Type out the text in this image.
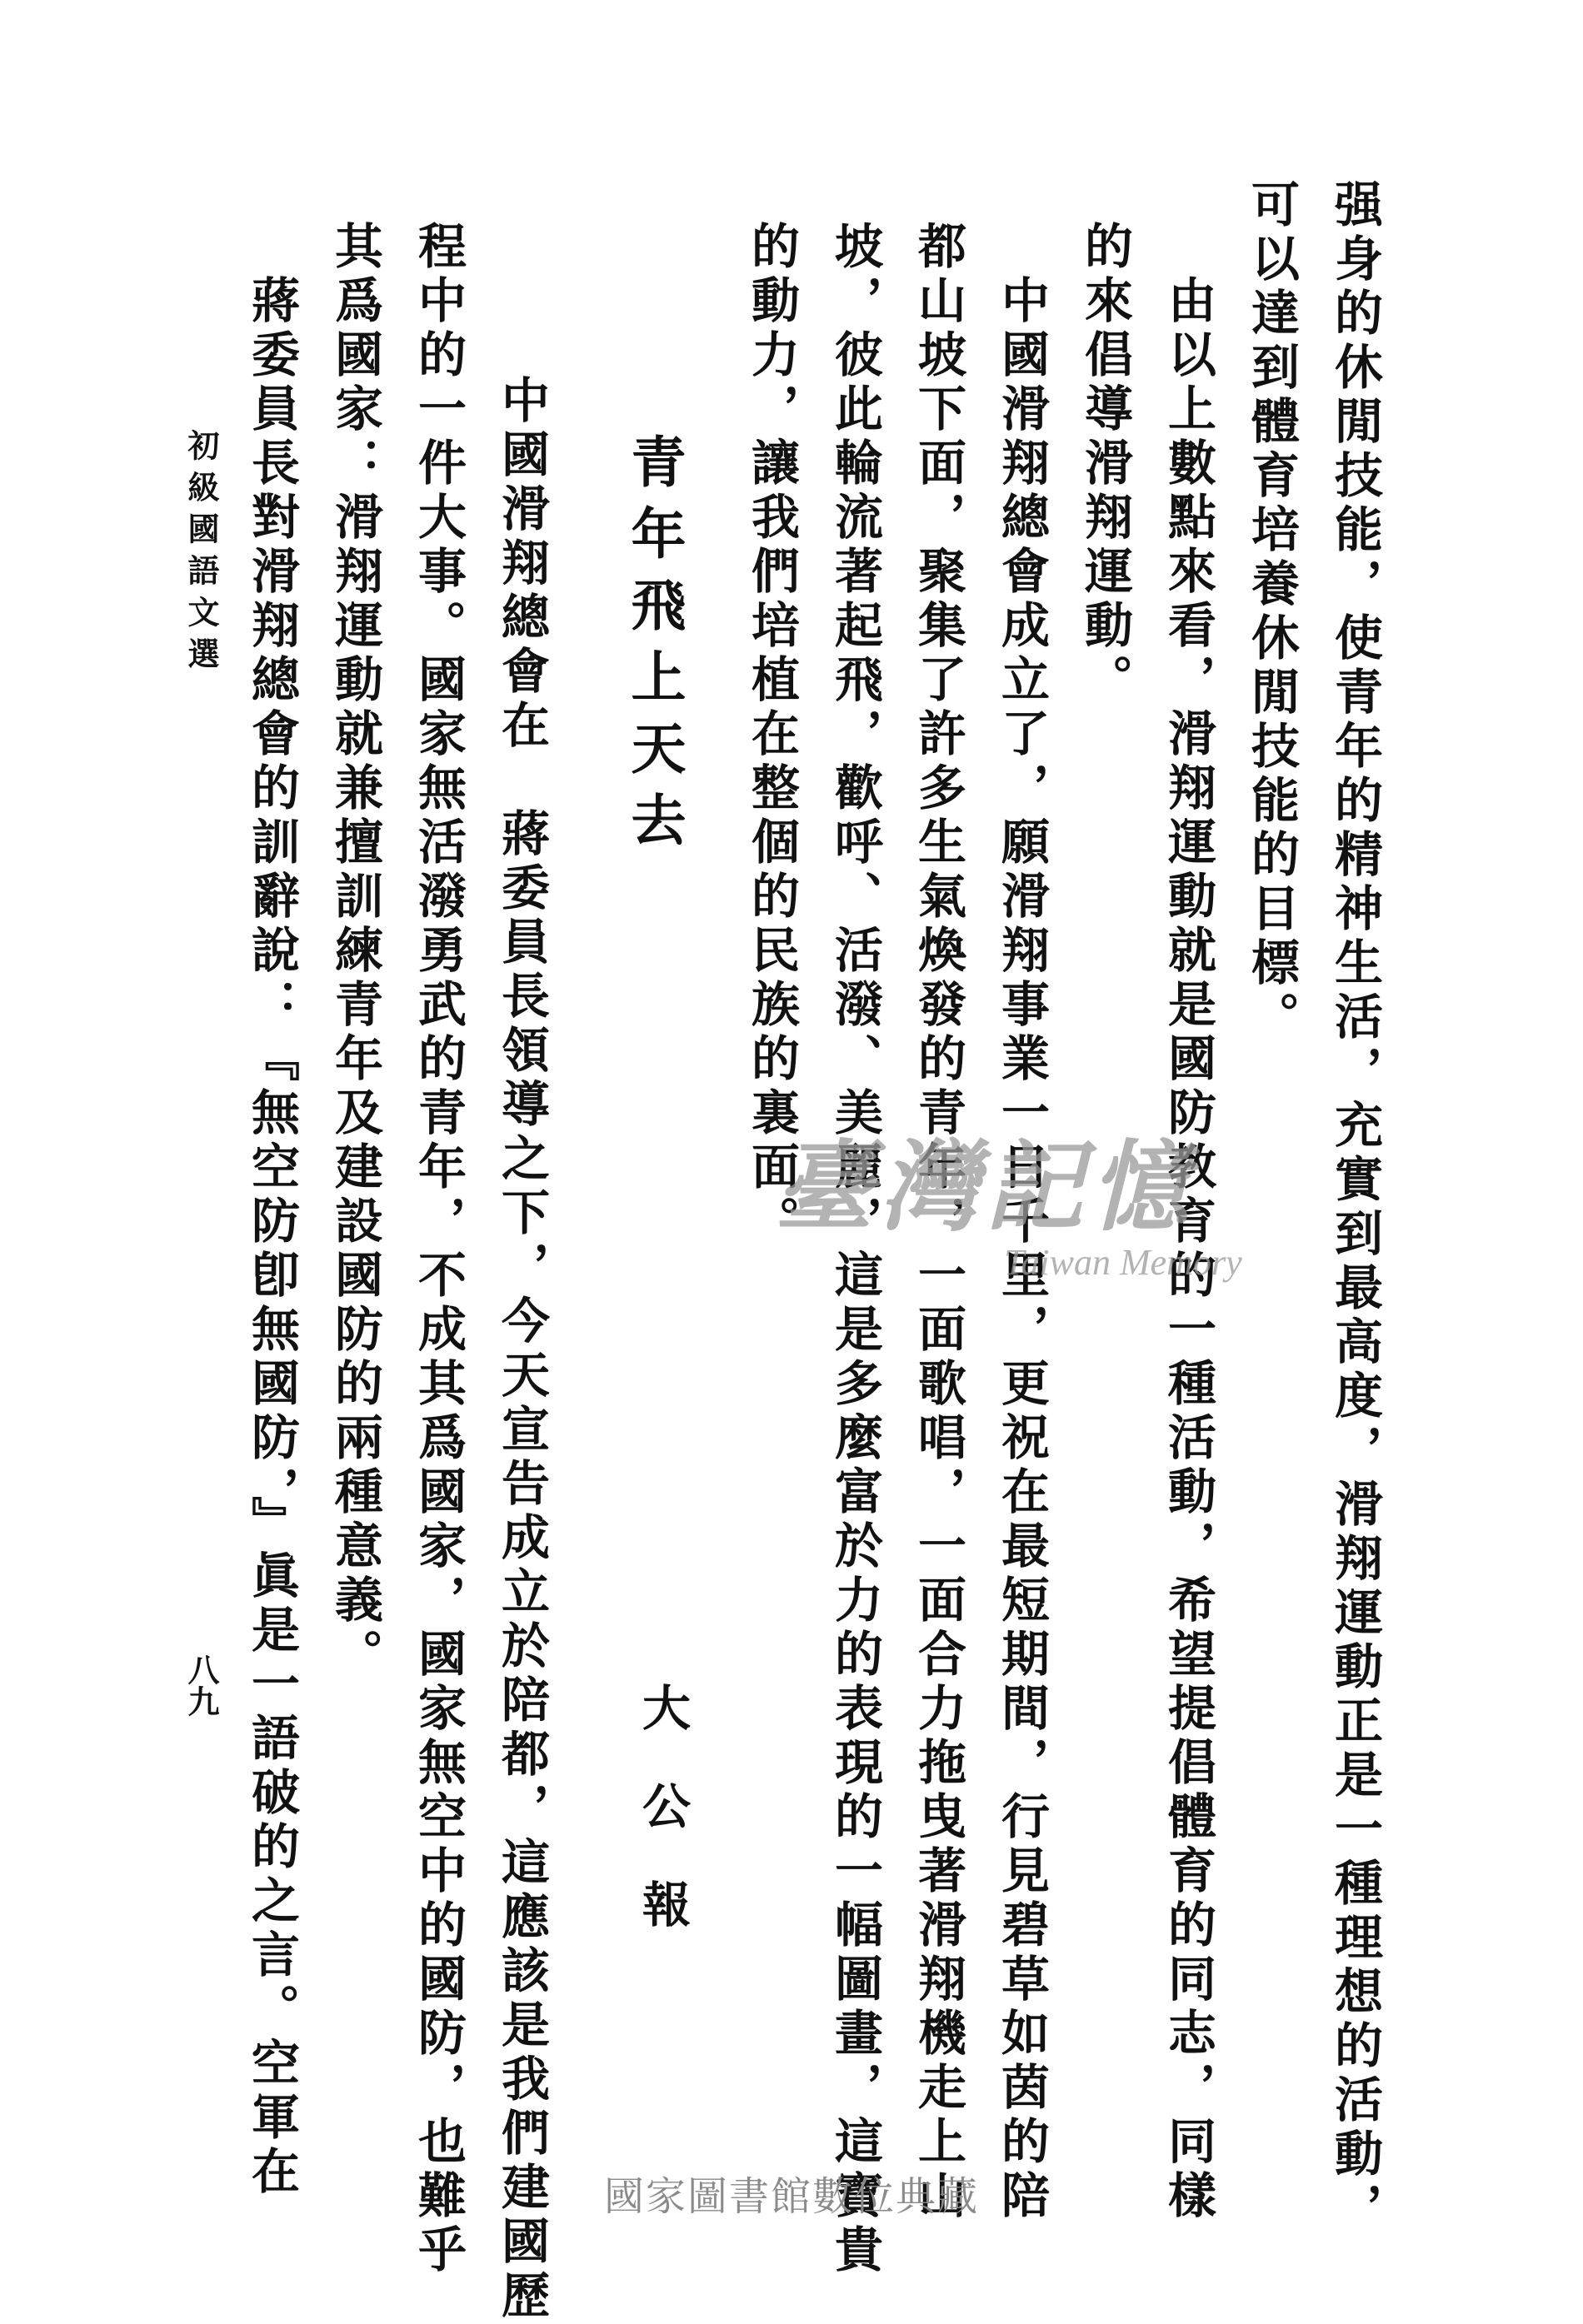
强身的休閒技能，使青年的精神生活，充實到最高度，滑翔運動正是一種理想的活動，
可以達到體育培養休閒技能的目標。
　由以上數點來看，滑翔運動就是國防教育的一種活動，希望提倡體育的同志，同樣
的來倡導滑翔運動。
　中國滑翔總會成立了，願滑翔事業一日千里，更祝在最短期間，行見碧草如茵的陪
都山坡下面，聚集了許多生氣煥發的青年，一面歌唱，一面合力拖曳著滑翔機走上山
坡，彼此輪流著起飛，歡呼、活潑、美麗，這是多麼富於力的表現的一幅圖畫，這寶貴
的動力，讓我們培植在整個的民族的裏面。
青年飛上天去
大公報
　中國滑翔總會在　蔣委員長領導之下，今天宣告成立於陪都，這應該是我們建國歷
程中的一件大事。國家無活潑勇武的青年，不成其爲國家，國家無空中的國防，也難乎
其爲國家：滑翔運動就兼擅訓練青年及建設國防的兩種意義。
蔣委員長對滑翔總會的訓辭說：『無空防卽無國防，』眞是一語破的之言。空軍在
初級國語文選
八九
臺灣記憶
Taiwan Memory
國家圖書館數位典藏
